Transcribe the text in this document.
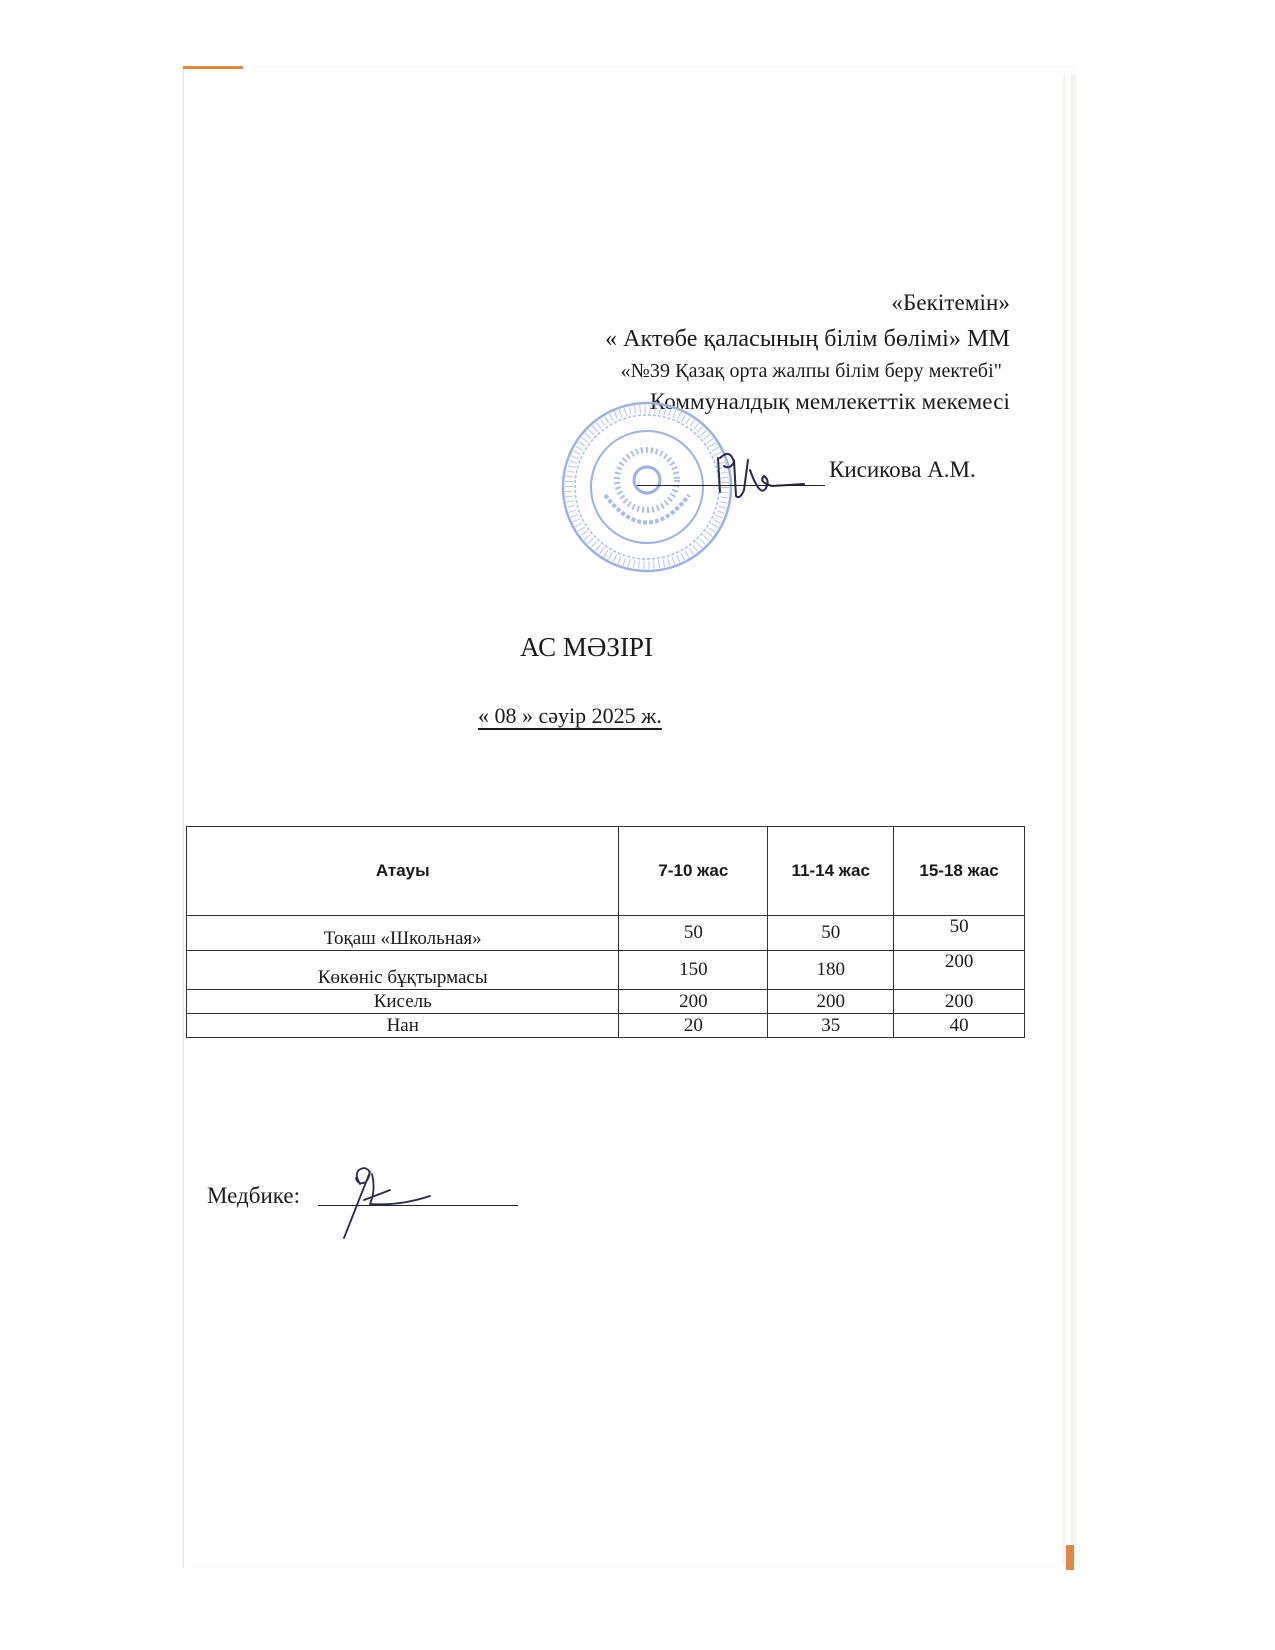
«Бекітемін»
« Актөбе қаласының білім бөлімі» ММ
«№39 Қазақ орта жалпы білім беру мектебі"
Коммуналдық мемлекеттік мекемесі
Кисикова А.М.
АС МӘЗІРІ
« 08 » сәуір 2025 ж.
Атауы	7-10 жас	11-14 жас	15-18 жас
Тоқаш «Школьная»	50	50	50
Көкөніс бұқтырмасы	150	180	200
Кисель	200	200	200
Нан	20	35	40
Медбике:
